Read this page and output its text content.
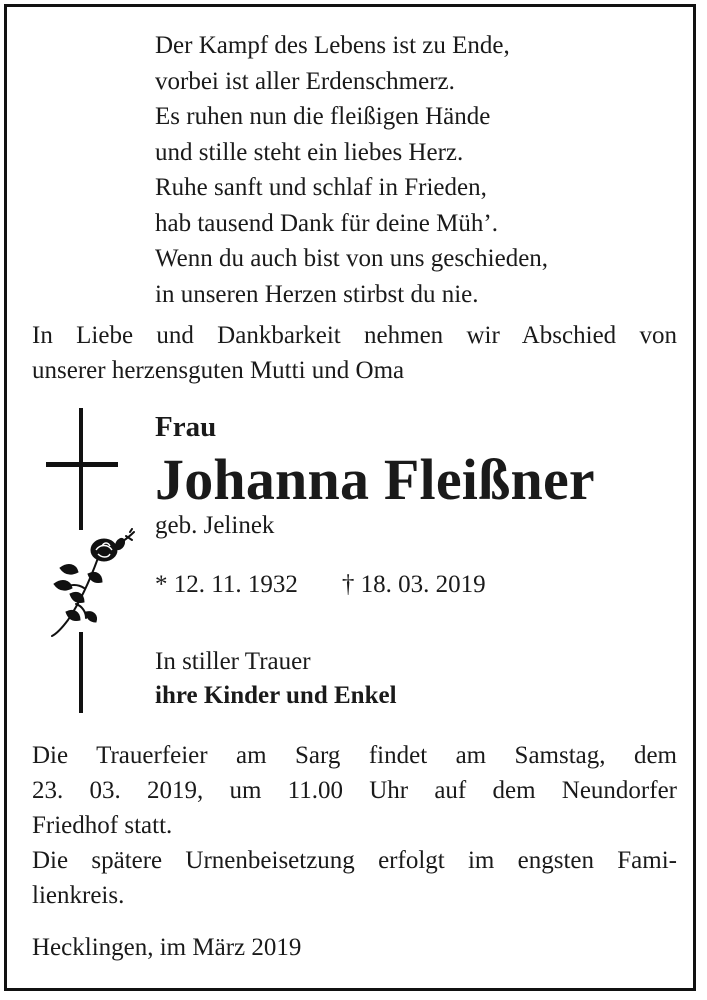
Der Kampf des Lebens ist zu Ende,
vorbei ist aller Erdenschmerz.
Es ruhen nun die fleißigen Hände
und stille steht ein liebes Herz.
Ruhe sanft und schlaf in Frieden,
hab tausend Dank für deine Müh’.
Wenn du auch bist von uns geschieden,
in unseren Herzen stirbst du nie.
In Liebe und Dankbarkeit nehmen wir Abschied von
unserer herzensguten Mutti und Oma
Frau
Johanna Fleißner
geb. Jelinek
* 12. 11. 1932 † 18. 03. 2019
In stiller Trauer
ihre Kinder und Enkel
Die Trauerfeier am Sarg findet am Samstag, dem
23. 03. 2019, um 11.00 Uhr auf dem Neundorfer
Friedhof statt.
Die spätere Urnenbeisetzung erfolgt im engsten Fami-
lienkreis.
Hecklingen, im März 2019
